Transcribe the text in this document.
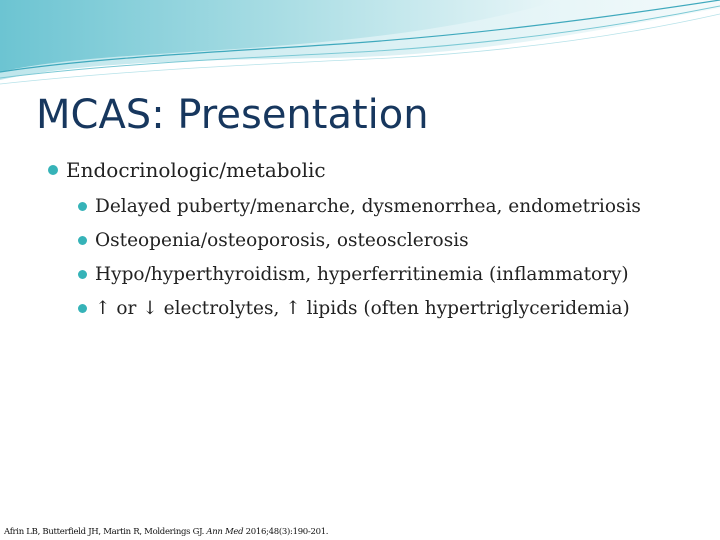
MCAS: Presentation
Endocrinologic/metabolic
Delayed puberty/menarche, dysmenorrhea, endometriosis
Osteopenia/osteoporosis, osteosclerosis
Hypo/hyperthyroidism, hyperferritinemia (inflammatory)
↑ or ↓ electrolytes, ↑ lipids (often hypertriglyceridemia)
Afrin LB, Butterfield JH, Martin R, Molderings GJ. Ann Med 2016;48(3):190-201.
